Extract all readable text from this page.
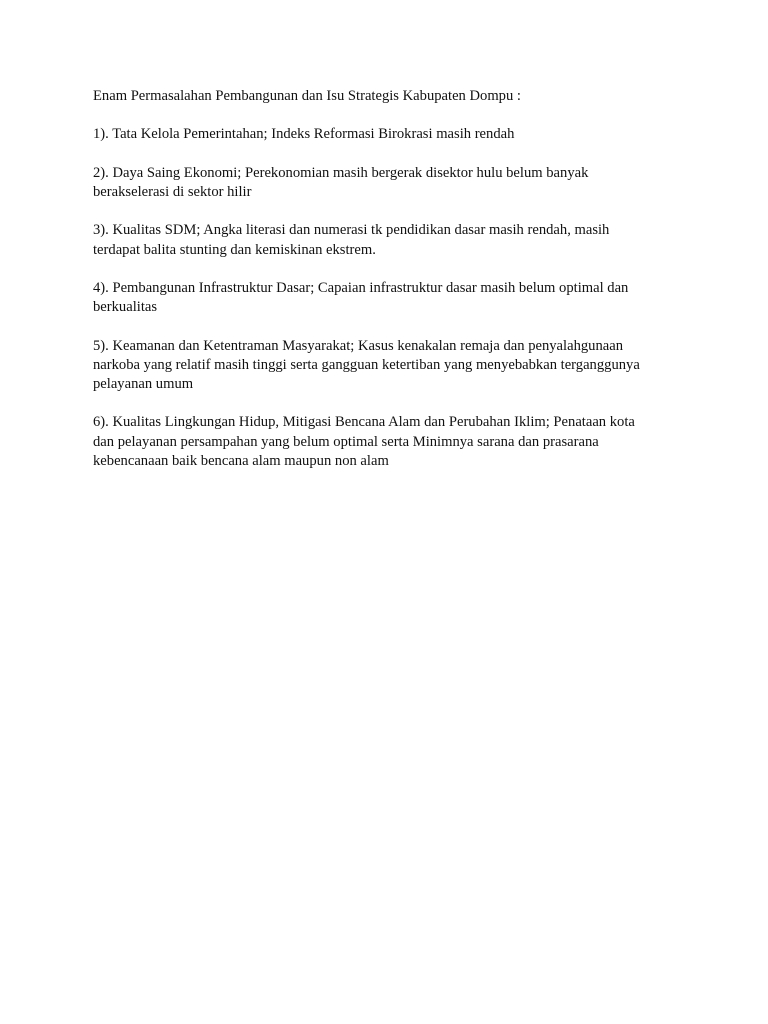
Enam Permasalahan Pembangunan dan Isu Strategis Kabupaten Dompu :

1). Tata Kelola Pemerintahan; Indeks Reformasi Birokrasi masih rendah
2). Daya Saing Ekonomi; Perekonomian masih bergerak disektor hulu belum banyak
berakselerasi di sektor hilir
3). Kualitas SDM; Angka literasi dan numerasi tk pendidikan dasar masih rendah, masih
terdapat balita stunting dan kemiskinan ekstrem.
4). Pembangunan Infrastruktur Dasar; Capaian infrastruktur dasar masih belum optimal dan
berkualitas
5). Keamanan dan Ketentraman Masyarakat; Kasus kenakalan remaja dan penyalahgunaan
narkoba yang relatif masih tinggi serta gangguan ketertiban yang menyebabkan terganggunya
pelayanan umum
6). Kualitas Lingkungan Hidup, Mitigasi Bencana Alam dan Perubahan Iklim; Penataan kota
dan pelayanan persampahan yang belum optimal serta Minimnya sarana dan prasarana
kebencanaan baik bencana alam maupun non alam
